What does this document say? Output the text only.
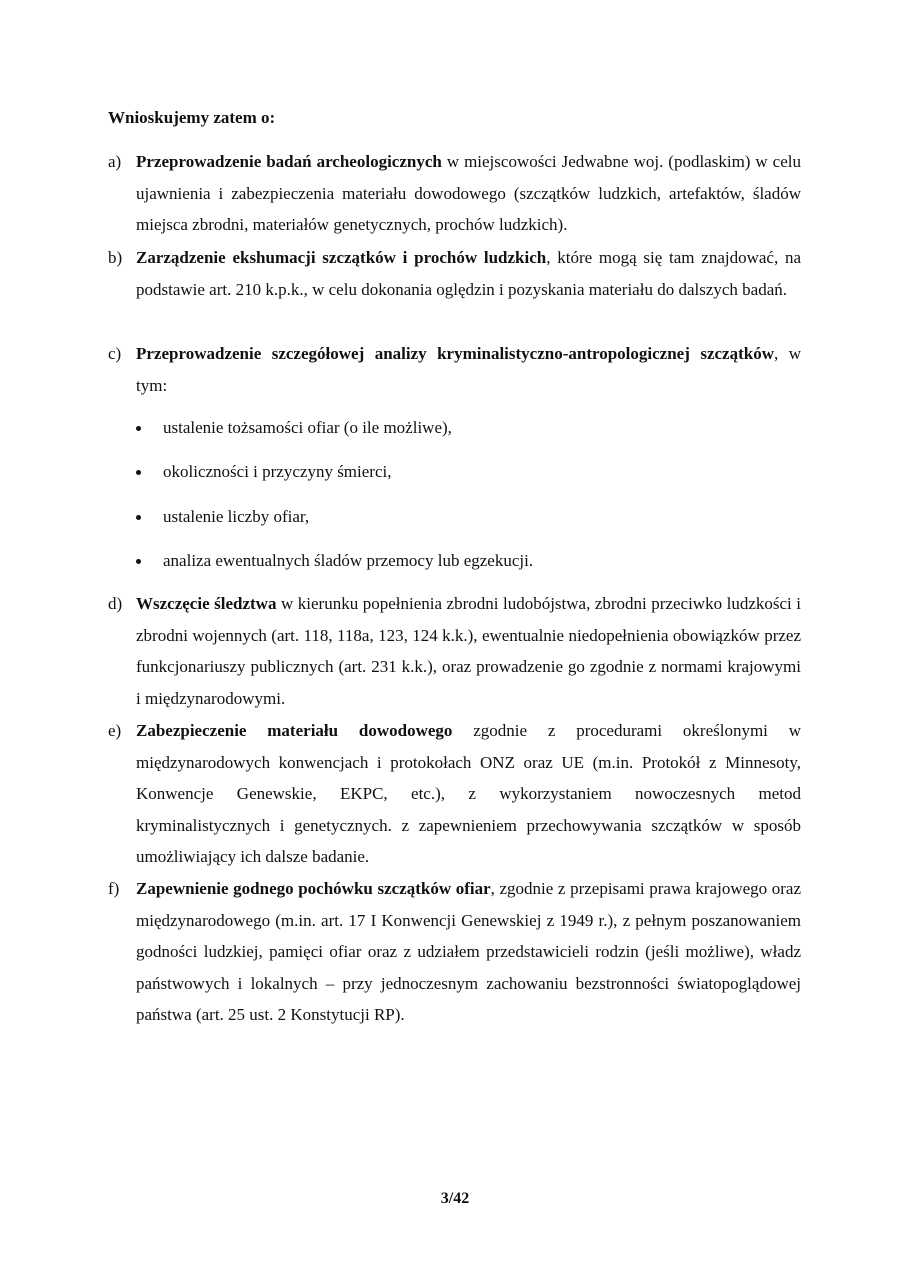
Wnioskujemy zatem o:
a) Przeprowadzenie badań archeologicznych w miejscowości Jedwabne woj. (podlaskim) w celu ujawnienia i zabezpieczenia materiału dowodowego (szczątków ludzkich, artefaktów, śladów miejsca zbrodni, materiałów genetycznych, prochów ludzkich).
b) Zarządzenie ekshumacji szczątków i prochów ludzkich, które mogą się tam znajdować, na podstawie art. 210 k.p.k., w celu dokonania oględzin i pozyskania materiału do dalszych badań.
c) Przeprowadzenie szczegółowej analizy kryminalistyczno-antropologicznej szczątków, w tym:
ustalenie tożsamości ofiar (o ile możliwe),
okoliczności i przyczyny śmierci,
ustalenie liczby ofiar,
analiza ewentualnych śladów przemocy lub egzekucji.
d) Wszczęcie śledztwa w kierunku popełnienia zbrodni ludobójstwa, zbrodni przeciwko ludzkości i zbrodni wojennych (art. 118, 118a, 123, 124 k.k.), ewentualnie niedopełnienia obowiązków przez funkcjonariuszy publicznych (art. 231 k.k.), oraz prowadzenie go zgodnie z normami krajowymi i międzynarodowymi.
e) Zabezpieczenie materiału dowodowego zgodnie z procedurami określonymi w międzynarodowych konwencjach i protokołach ONZ oraz UE (m.in. Protokół z Minnesoty, Konwencje Genewskie, EKPC, etc.), z wykorzystaniem nowoczesnych metod kryminalistycznych i genetycznych. z zapewnieniem przechowywania szczątków w sposób umożliwiający ich dalsze badanie.
f) Zapewnienie godnego pochówku szczątków ofiar, zgodnie z przepisami prawa krajowego oraz międzynarodowego (m.in. art. 17 I Konwencji Genewskiej z 1949 r.), z pełnym poszanowaniem godności ludzkiej, pamięci ofiar oraz z udziałem przedstawicieli rodzin (jeśli możliwe), władz państwowych i lokalnych – przy jednoczesnym zachowaniu bezstronności światopoglądowej państwa (art. 25 ust. 2 Konstytucji RP).
3/42
